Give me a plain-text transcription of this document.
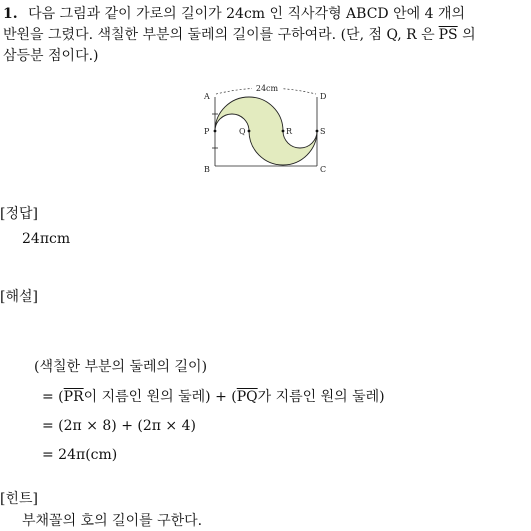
1. 다음 그림과 같이 가로의 길이가 24cm 인 직사각형 ABCD 안에 4 개의
반원을 그렸다. 색칠한 부분의 둘레의 길이를 구하여라. (단, 점 Q, R 은 $\overline{PS}$ 의
삼등분 점이다.)
24cm
A	D
P	Q	R	S
B	C
[정답]
24πcm
[해설]
(색칠한 부분의 둘레의 길이)
= ($\overline{PR}$이 지름인 원의 둘레) + ($\overline{PQ}$가 지름인 원의 둘레)
= (2π × 8) + (2π × 4)
= 24π(cm)
[힌트]
부채꼴의 호의 길이를 구한다.
